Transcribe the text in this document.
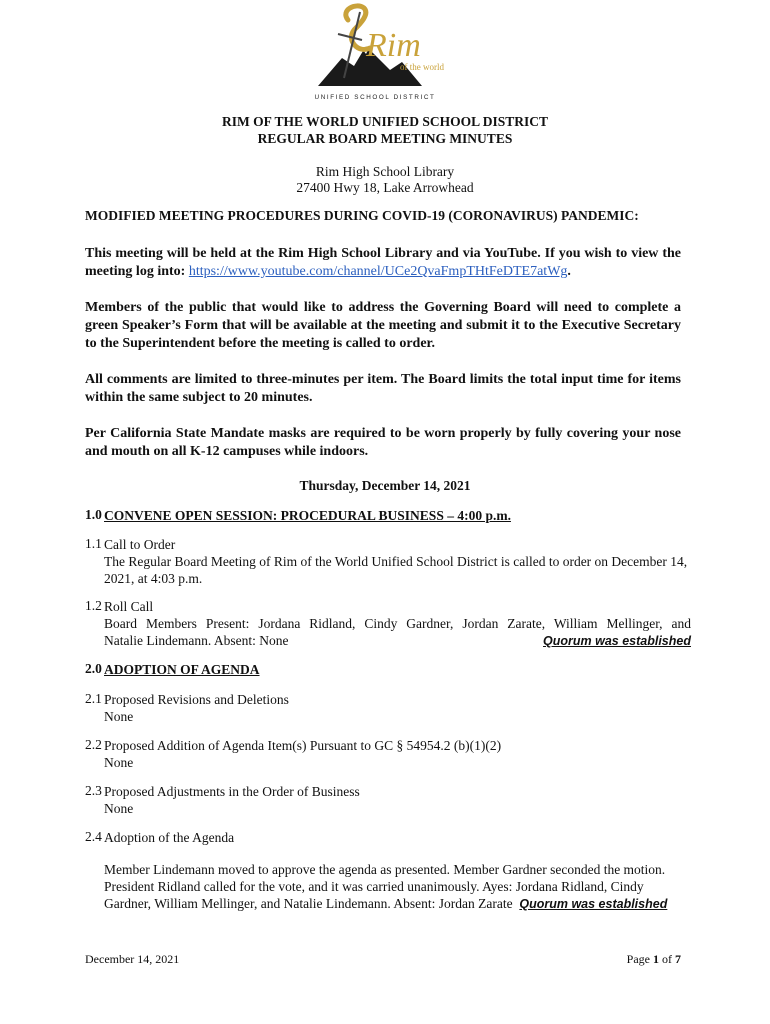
Rim
of the world
UNIFIED SCHOOL DISTRICT
RIM OF THE WORLD UNIFIED SCHOOL DISTRICT
REGULAR BOARD MEETING MINUTES
Rim High School Library
27400 Hwy 18, Lake Arrowhead
MODIFIED MEETING PROCEDURES DURING COVID-19 (CORONAVIRUS) PANDEMIC:
This meeting will be held at the Rim High School Library and via YouTube. If you wish to view the meeting log into: https://www.youtube.com/channel/UCe2QvaFmpTHtFeDTE7atWg.
Members of the public that would like to address the Governing Board will need to complete a green Speaker’s Form that will be available at the meeting and submit it to the Executive Secretary to the Superintendent before the meeting is called to order.
All comments are limited to three-minutes per item. The Board limits the total input time for items within the same subject to 20 minutes.
Per California State Mandate masks are required to be worn properly by fully covering your nose and mouth on all K-12 campuses while indoors.
Thursday, December 14, 2021
1.0 CONVENE OPEN SESSION: PROCEDURAL BUSINESS – 4:00 p.m.
1.1 Call to Order
The Regular Board Meeting of Rim of the World Unified School District is called to order on December 14, 2021, at 4:03 p.m.
1.2 Roll Call
Board Members Present: Jordana Ridland, Cindy Gardner, Jordan Zarate, William Mellinger, and
Natalie Lindemann. Absent: None	Quorum was established
2.0 ADOPTION OF AGENDA
2.1 Proposed Revisions and Deletions
None
2.2 Proposed Addition of Agenda Item(s) Pursuant to GC § 54954.2 (b)(1)(2)
None
2.3 Proposed Adjustments in the Order of Business
None
2.4 Adoption of the Agenda
Member Lindemann moved to approve the agenda as presented. Member Gardner seconded the motion. President Ridland called for the vote, and it was carried unanimously. Ayes: Jordana Ridland, Cindy Gardner, William Mellinger, and Natalie Lindemann. Absent: Jordan Zarate Quorum was established
December 14, 2021	Page 1 of 7
